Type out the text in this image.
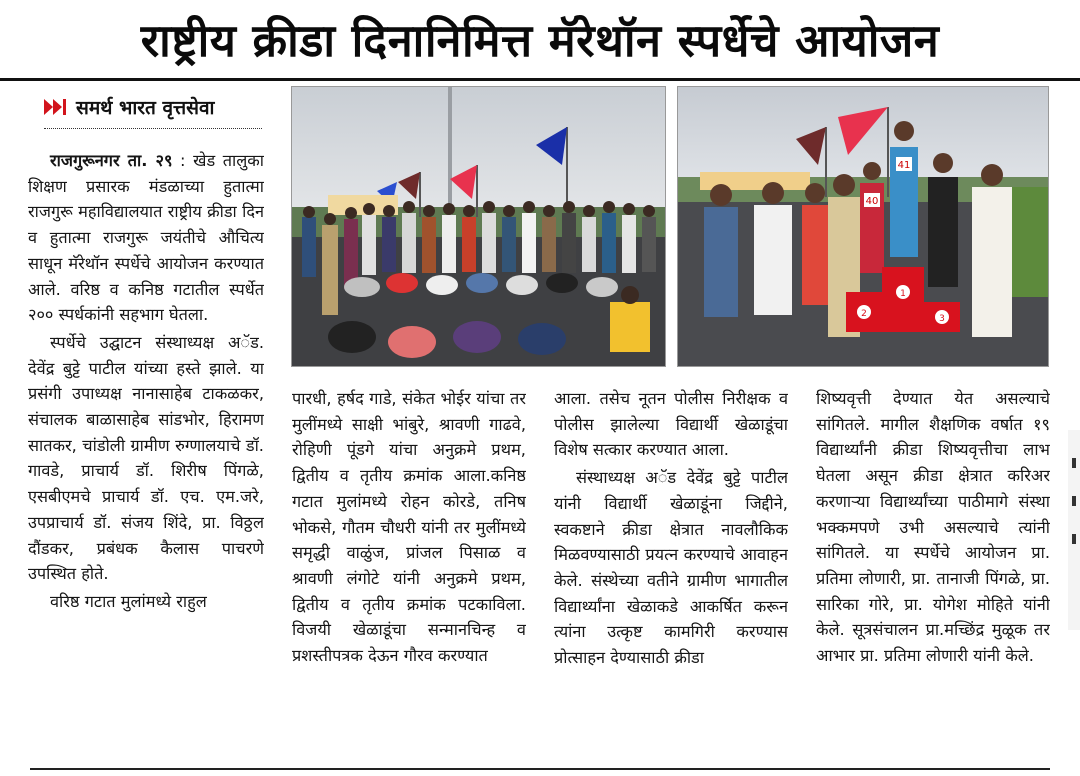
राष्ट्रीय क्रीडा दिनानिमित्त मॅरेथॉन स्पर्धेचे आयोजन
समर्थ भारत वृत्तसेवा

राजगुरूनगर ता. २९ : खेड तालुका शिक्षण प्रसारक मंडळाच्या हुतात्मा राजगुरू महाविद्यालयात राष्ट्रीय क्रीडा दिन व हुतात्मा राजगुरू जयंतीचे औचित्य साधून मॅरेथॉन स्पर्धेचे आयोजन करण्यात आले. वरिष्ठ व कनिष्ठ गटातील स्पर्धेत २०० स्पर्धकांनी सहभाग घेतला.

स्पर्धेचे उद्घाटन संस्थाध्यक्ष अॅड. देवेंद्र बुट्टे पाटील यांच्या हस्ते झाले. या प्रसंगी उपाध्यक्ष नानासाहेब टाकळकर, संचालक बाळासाहेब सांडभोर, हिरामण सातकर, चांडोली ग्रामीण रुग्णालयाचे डॉ. गावडे, प्राचार्य डॉ. शिरीष पिंगळे, एसबीएमचे प्राचार्य डॉ. एच. एम.जरे, उपप्राचार्य डॉ. संजय शिंदे, प्रा. विठ्ठल दौंडकर, प्रबंधक कैलास पाचरणे उपस्थित होते.

वरिष्ठ गटात मुलांमध्ये राहुल

41
40
2
1
3

पारधी, हर्षद गाडे, संकेत भोईर यांचा तर मुलींमध्ये साक्षी भांबुरे, श्रावणी गाढवे, रोहिणी पूंडगे यांचा अनुक्रमे प्रथम, द्वितीय व तृतीय क्रमांक आला.कनिष्ठ गटात मुलांमध्ये रोहन कोरडे, तनिष भोकसे, गौतम चौधरी यांनी तर मुलींमध्ये समृद्धी वाळुंज, प्रांजल पिसाळ व श्रावणी लंगोटे यांनी अनुक्रमे प्रथम, द्वितीय व तृतीय क्रमांक पटकाविला. विजयी खेळाडूंचा सन्मानचिन्ह व प्रशस्तीपत्रक देऊन गौरव करण्यात

आला. तसेच नूतन पोलीस निरीक्षक व पोलीस झालेल्या विद्यार्थी खेळाडूंचा विशेष सत्कार करण्यात आला.

संस्थाध्यक्ष अॅड देवेंद्र बुट्टे पाटील यांनी विद्यार्थी खेळाडूंना जिद्दीने, स्वकष्टाने क्रीडा क्षेत्रात नावलौकिक मिळवण्यासाठी प्रयत्न करण्याचे आवाहन केले. संस्थेच्या वतीने ग्रामीण भागातील विद्यार्थ्यांना खेळाकडे आकर्षित करून त्यांना उत्कृष्ट कामगिरी करण्यास प्रोत्साहन देण्यासाठी क्रीडा

शिष्यवृत्ती देण्यात येत असल्याचे सांगितले. मागील शैक्षणिक वर्षात १९ विद्यार्थ्यांनी क्रीडा शिष्यवृत्तीचा लाभ घेतला असून क्रीडा क्षेत्रात करिअर करणाऱ्या विद्यार्थ्यांच्या पाठीमागे संस्था भक्कमपणे उभी असल्याचे त्यांनी सांगितले. या स्पर्धेचे आयोजन प्रा. प्रतिमा लोणारी, प्रा. तानाजी पिंगळे, प्रा. सारिका गोरे, प्रा. योगेश मोहिते यांनी केले. सूत्रसंचालन प्रा.मच्छिंद्र मुळूक तर आभार प्रा. प्रतिमा लोणारी यांनी केले.
